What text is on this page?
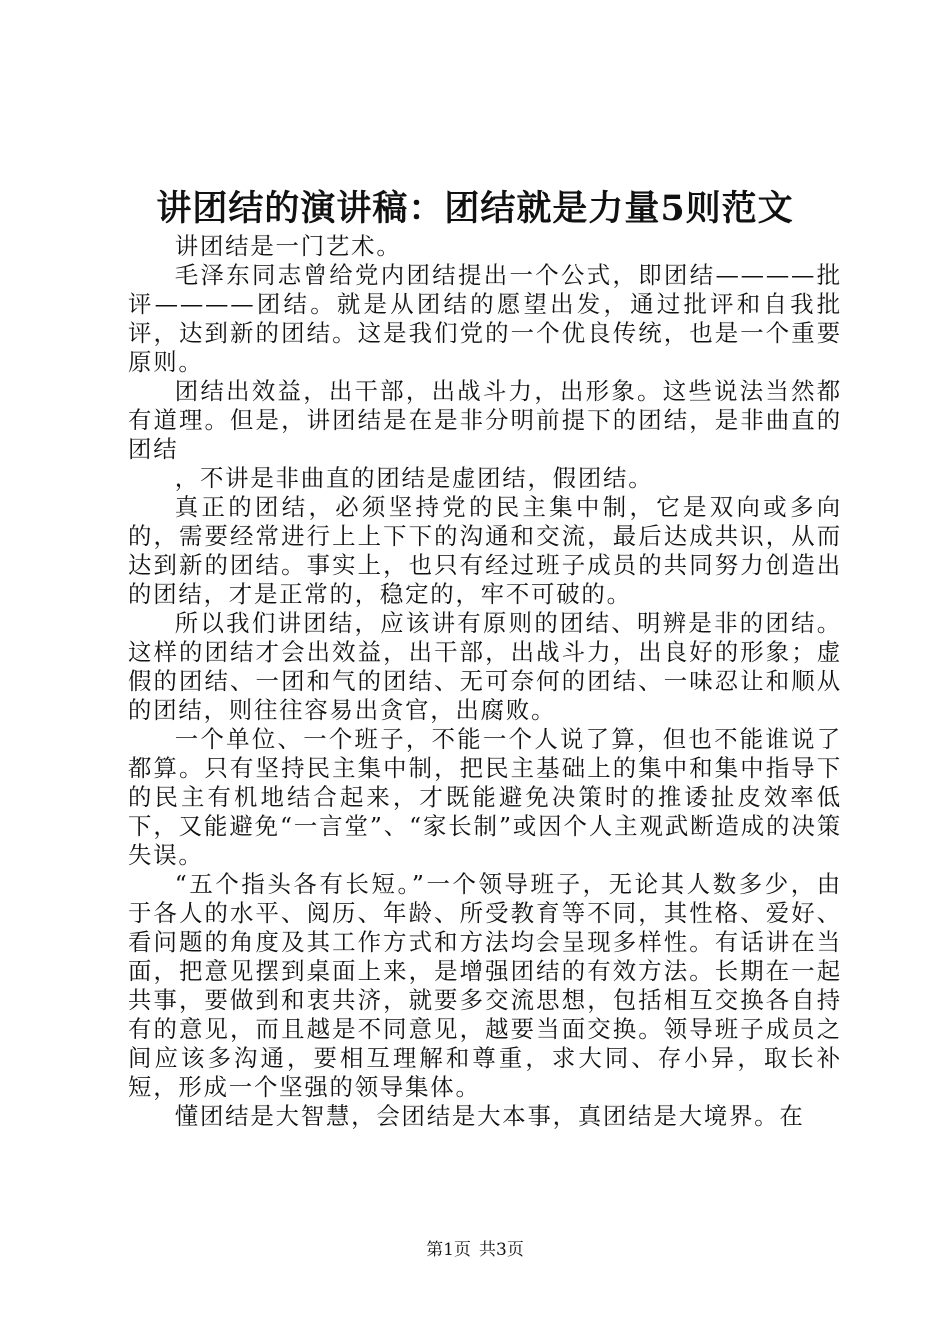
讲团结的演讲稿：团结就是力量5则范文

讲团结是一门艺术。

毛泽东同志曾给党内团结提出一个公式，即团结————批评————团结。就是从团结的愿望出发，通过批评和自我批评，达到新的团结。这是我们党的一个优良传统，也是一个重要原则。

团结出效益，出干部，出战斗力，出形象。这些说法当然都有道理。但是，讲团结是在是非分明前提下的团结，是非曲直的团结

，不讲是非曲直的团结是虚团结，假团结。

真正的团结，必须坚持党的民主集中制，它是双向或多向的，需要经常进行上上下下的沟通和交流，最后达成共识，从而达到新的团结。事实上，也只有经过班子成员的共同努力创造出的团结，才是正常的，稳定的，牢不可破的。

所以我们讲团结，应该讲有原则的团结、明辨是非的团结。这样的团结才会出效益，出干部，出战斗力，出良好的形象；虚假的团结、一团和气的团结、无可奈何的团结、一味忍让和顺从的团结，则往往容易出贪官，出腐败。

一个单位、一个班子，不能一个人说了算，但也不能谁说了都算。只有坚持民主集中制，把民主基础上的集中和集中指导下的民主有机地结合起来，才既能避免决策时的推诿扯皮效率低下，又能避免“一言堂”、“家长制”或因个人主观武断造成的决策失误。

“五个指头各有长短。”一个领导班子，无论其人数多少，由于各人的水平、阅历、年龄、所受教育等不同，其性格、爱好、看问题的角度及其工作方式和方法均会呈现多样性。有话讲在当面，把意见摆到桌面上来，是增强团结的有效方法。长期在一起共事，要做到和衷共济，就要多交流思想，包括相互交换各自持有的意见，而且越是不同意见，越要当面交换。领导班子成员之间应该多沟通，要相互理解和尊重，求大同、存小异，取长补短，形成一个坚强的领导集体。

懂团结是大智慧，会团结是大本事，真团结是大境界。在

第1页 共3页
